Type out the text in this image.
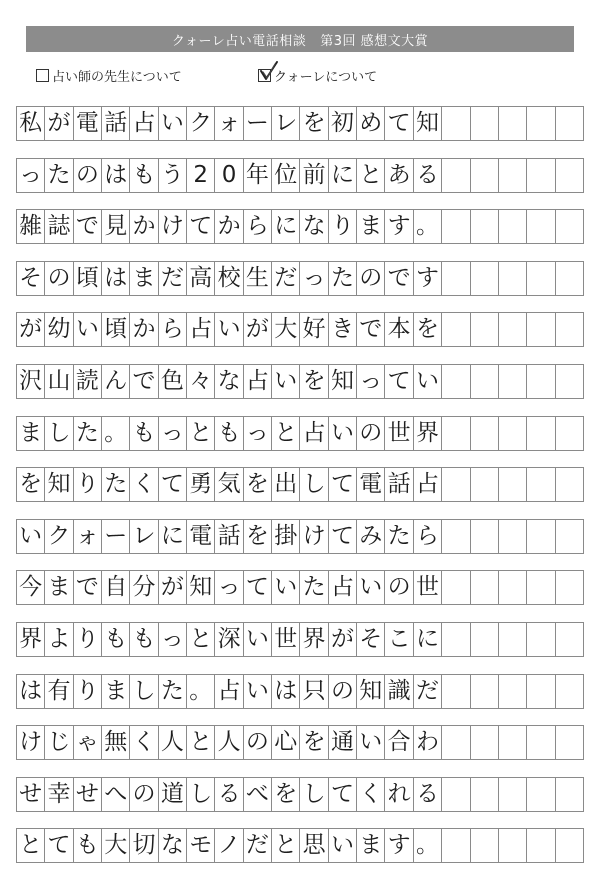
クォーレ占い電話相談 第3回 感想文大賞
占い師の先生について	クォーレについて
私 が 電 話 占 い ク ォ ー レ を 初 め て 知
っ た の は も う 2 0 年 位 前 に と あ る
雑 誌 で 見 か け て か ら に な り ま す 。
そ の 頃 は ま だ 高 校 生 だ っ た の で す
が 幼 い 頃 か ら 占 い が 大 好 き で 本 を
沢 山 読 ん で 色 々 な 占 い を 知 っ て い
ま し た 。 も っ と も っ と 占 い の 世 界
を 知 り た く て 勇 気 を 出 し て 電 話 占
い ク ォ ー レ に 電 話 を 掛 け て み た ら
今 ま で 自 分 が 知 っ て い た 占 い の 世
界 よ り も も っ と 深 い 世 界 が そ こ に
は 有 り ま し た 。 占 い は 只 の 知 識 だ
け じ ゃ 無 く 人 と 人 の 心 を 通 い 合 わ
せ 幸 せ へ の 道 し る べ を し て く れ る
と て も 大 切 な モ ノ だ と 思 い ま す 。
